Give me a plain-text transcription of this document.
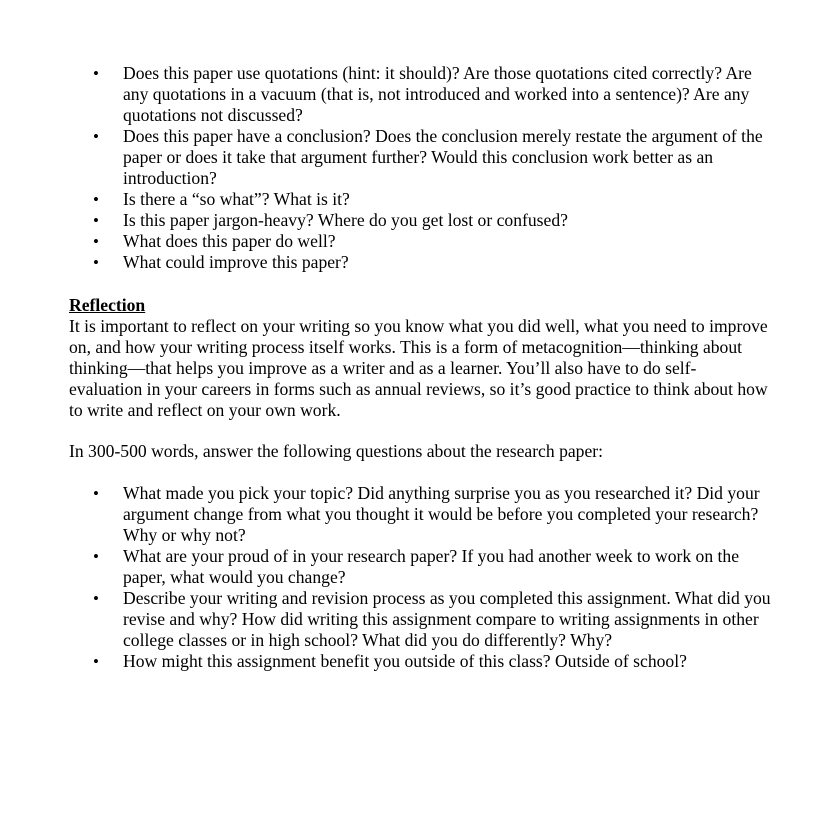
• Does this paper use quotations (hint: it should)? Are those quotations cited correctly? Are any quotations in a vacuum (that is, not introduced and worked into a sentence)? Are any quotations not discussed?
• Does this paper have a conclusion? Does the conclusion merely restate the argument of the paper or does it take that argument further? Would this conclusion work better as an introduction?
• Is there a “so what”? What is it?
• Is this paper jargon-heavy? Where do you get lost or confused?
• What does this paper do well?
• What could improve this paper?
Reflection
It is important to reflect on your writing so you know what you did well, what you need to improve on, and how your writing process itself works. This is a form of metacognition—thinking about thinking—that helps you improve as a writer and as a learner. You’ll also have to do self-evaluation in your careers in forms such as annual reviews, so it’s good practice to think about how to write and reflect on your own work.
In 300-500 words, answer the following questions about the research paper:
• What made you pick your topic? Did anything surprise you as you researched it? Did your argument change from what you thought it would be before you completed your research? Why or why not?
• What are your proud of in your research paper? If you had another week to work on the paper, what would you change?
• Describe your writing and revision process as you completed this assignment. What did you revise and why? How did writing this assignment compare to writing assignments in other college classes or in high school? What did you do differently? Why?
• How might this assignment benefit you outside of this class? Outside of school?
